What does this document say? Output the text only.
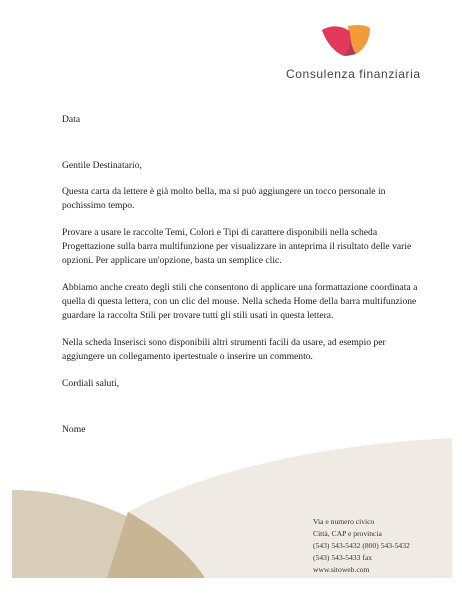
Consulenza finanziaria

Data

Gentile Destinatario,

Questa carta da lettere è già molto bella, ma si può aggiungere un tocco personale in pochissimo tempo.

Provare a usare le raccolte Temi, Colori e Tipi di carattere disponibili nella scheda Progettazione sulla barra multifunzione per visualizzare in anteprima il risultato delle varie opzioni. Per applicare un'opzione, basta un semplice clic.

Abbiamo anche creato degli stili che consentono di applicare una formattazione coordinata a quella di questa lettera, con un clic del mouse. Nella scheda Home della barra multifunzione guardare la raccolta Stili per trovare tutti gli stili usati in questa lettera.

Nella scheda Inserisci sono disponibili altri strumenti facili da usare, ad esempio per aggiungere un collegamento ipertestuale o inserire un commento.

Cordiali saluti,

Nome

Via e numero civico
Città, CAP e provincia
(543) 543-5432 (800) 543-5432
(543) 543-5433 fax
www.sitoweb.com
